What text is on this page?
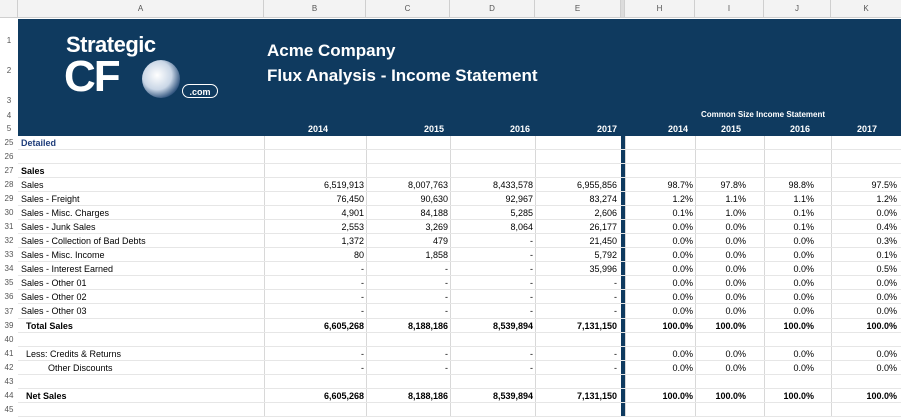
A	B	C	D	E	H	I	J	K
1
2
3
4
5
Strategic
CF	.com
Acme Company
Flux Analysis - Income Statement
Common Size Income Statement
2014	2015	2016	2017	2014	2015	2016	2017
25 Detailed
26
27 Sales
28 Sales	6,519,913	8,007,763	8,433,578	6,955,856	98.7%	97.8%	98.8%	97.5%
29 Sales - Freight	76,450	90,630	92,967	83,274	1.2%	1.1%	1.1%	1.2%
30 Sales - Misc. Charges	4,901	84,188	5,285	2,606	0.1%	1.0%	0.1%	0.0%
31 Sales - Junk Sales	2,553	3,269	8,064	26,177	0.0%	0.0%	0.1%	0.4%
32 Sales - Collection of Bad Debts	1,372	479	-	21,450	0.0%	0.0%	0.0%	0.3%
33 Sales - Misc. Income	80	1,858	-	5,792	0.0%	0.0%	0.0%	0.1%
34 Sales - Interest Earned	-	-	-	35,996	0.0%	0.0%	0.0%	0.5%
35 Sales - Other 01	-	-	-	-	0.0%	0.0%	0.0%	0.0%
36 Sales - Other 02	-	-	-	-	0.0%	0.0%	0.0%	0.0%
37 Sales - Other 03	-	-	-	-	0.0%	0.0%	0.0%	0.0%
39	Total Sales	6,605,268	8,188,186	8,539,894	7,131,150	100.0%	100.0%	100.0%	100.0%
40
41	Less: Credits & Returns	-	-	-	-	0.0%	0.0%	0.0%	0.0%
42	Other Discounts	-	-	-	-	0.0%	0.0%	0.0%	0.0%
43
44	Net Sales	6,605,268	8,188,186	8,539,894	7,131,150	100.0%	100.0%	100.0%	100.0%
45
